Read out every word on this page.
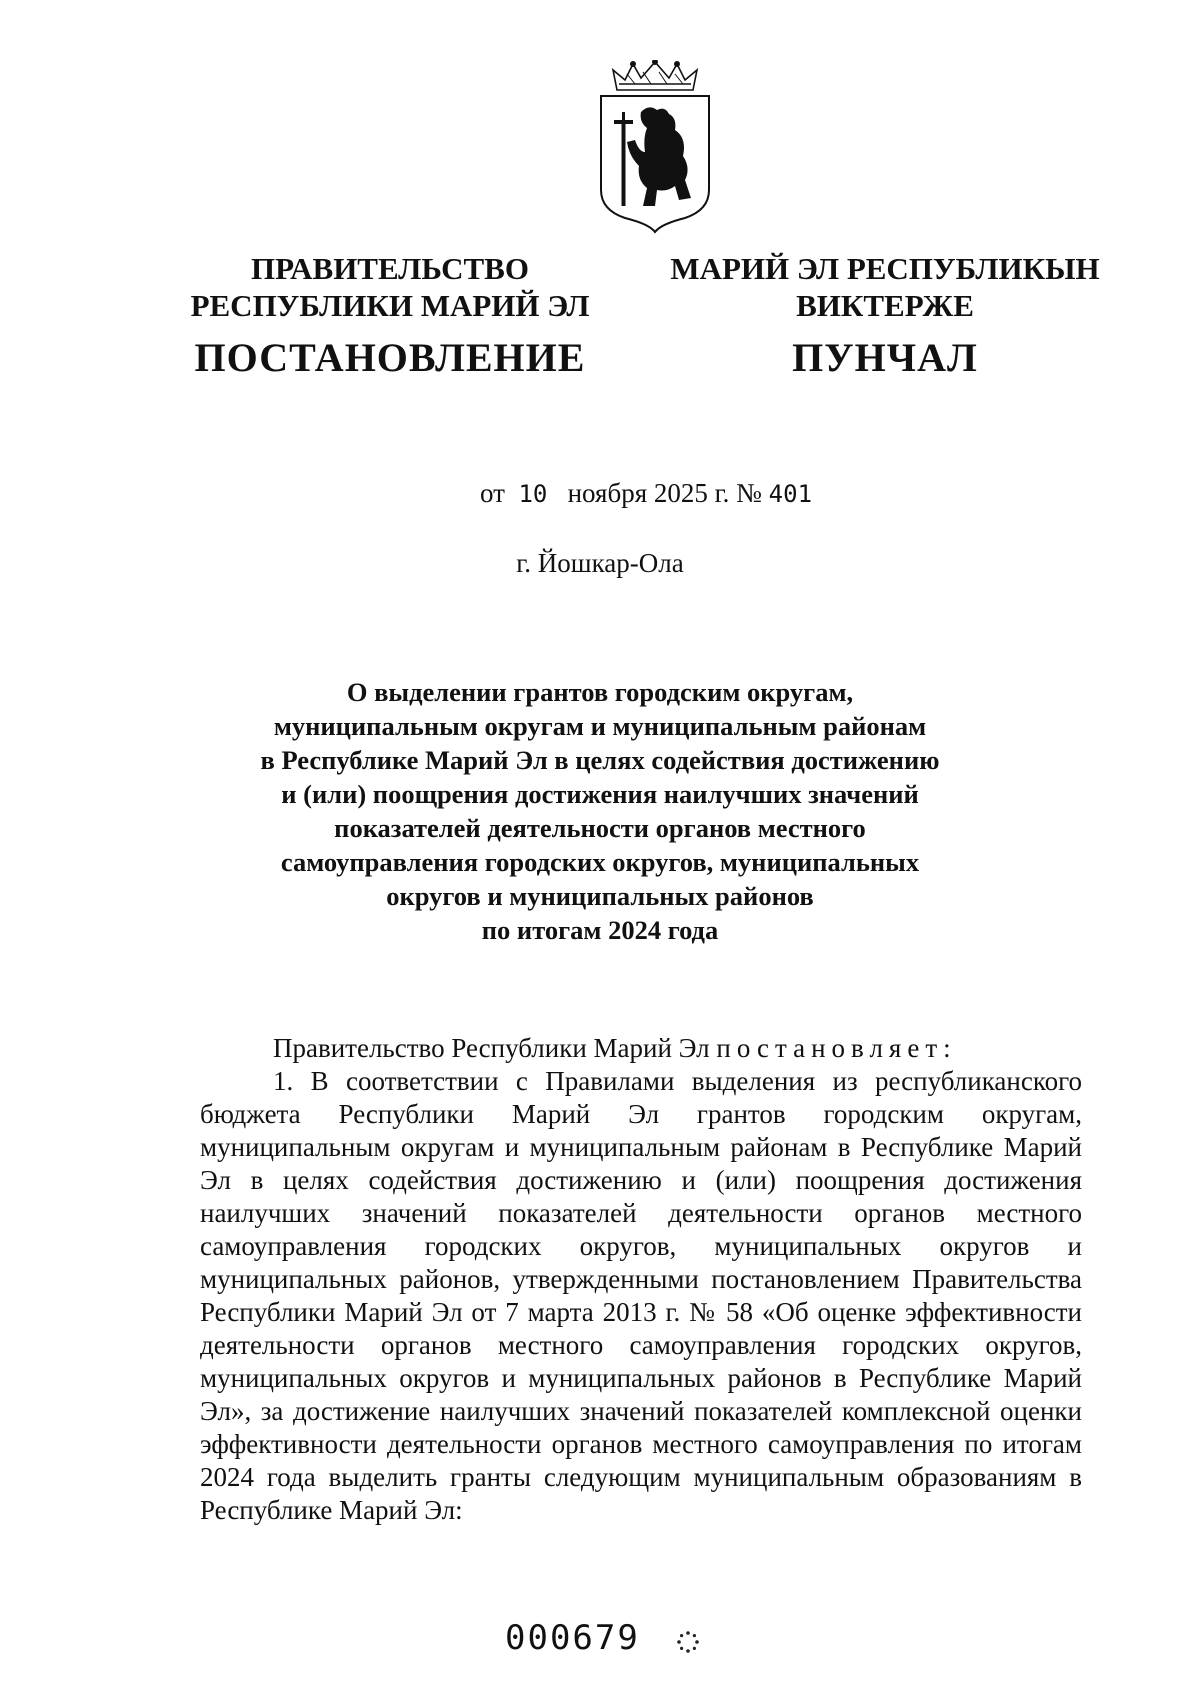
ПРАВИТЕЛЬСТВО
РЕСПУБЛИКИ МАРИЙ ЭЛ
ПОСТАНОВЛЕНИЕ
МАРИЙ ЭЛ РЕСПУБЛИКЫН
ВИКТЕРЖЕ
ПУНЧАЛ
от 10 ноября 2025 г. № 401
г. Йошкар-Ола
О выделении грантов городским округам,
муниципальным округам и муниципальным районам
в Республике Марий Эл в целях содействия достижению
и (или) поощрения достижения наилучших значений
показателей деятельности органов местного
самоуправления городских округов, муниципальных
округов и муниципальных районов
по итогам 2024 года
Правительство Республики Марий Эл постановляет:

1. В соответствии с Правилами выделения из республиканского бюджета Республики Марий Эл грантов городским округам, муниципальным округам и муниципальным районам в Республике Марий Эл в целях содействия достижению и (или) поощрения достижения наилучших значений показателей деятельности органов местного самоуправления городских округов, муниципальных округов и муниципальных районов, утвержденными постановлением Правительства Республики Марий Эл от 7 марта 2013 г. № 58 «Об оценке эффективности деятельности органов местного самоуправления городских округов, муниципальных округов и муниципальных районов в Республике Марий Эл», за достижение наилучших значений показателей комплексной оценки эффективности деятельности органов местного самоуправления по итогам 2024 года выделить гранты следующим муниципальным образованиям в Республике Марий Эл:

000679
